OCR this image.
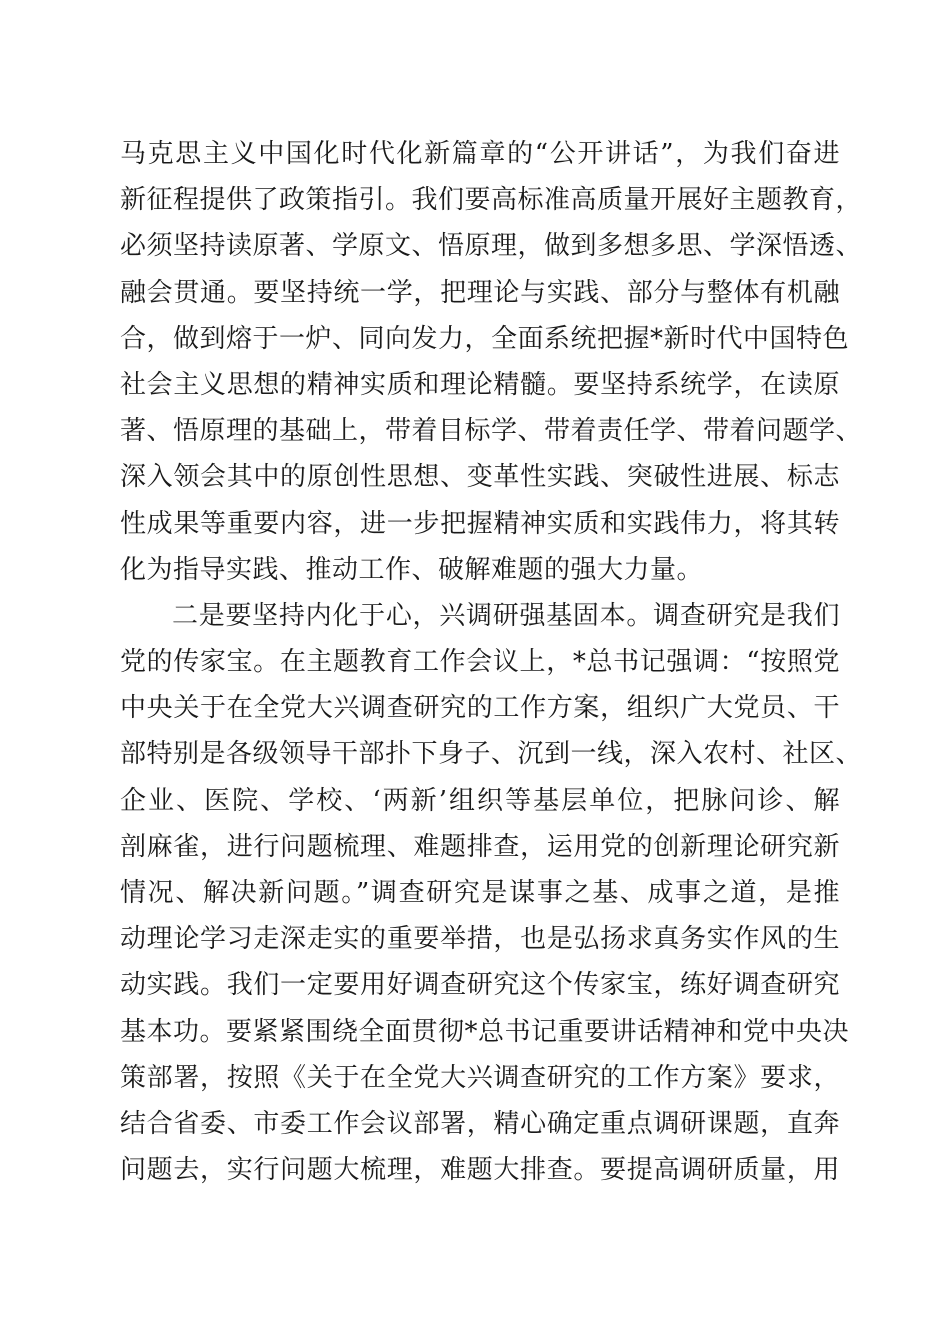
马克思主义中国化时代化新篇章的“公开讲话”，为我们奋进
新征程提供了政策指引。我们要高标准高质量开展好主题教育，
必须坚持读原著、学原文、悟原理，做到多想多思、学深悟透、
融会贯通。要坚持统一学，把理论与实践、部分与整体有机融
合，做到熔于一炉、同向发力，全面系统把握*新时代中国特色
社会主义思想的精神实质和理论精髓。要坚持系统学，在读原
著、悟原理的基础上，带着目标学、带着责任学、带着问题学、
深入领会其中的原创性思想、变革性实践、突破性进展、标志
性成果等重要内容，进一步把握精神实质和实践伟力，将其转
化为指导实践、推动工作、破解难题的强大力量。
二是要坚持内化于心，兴调研强基固本。调查研究是我们
党的传家宝。在主题教育工作会议上，*总书记强调：“按照党
中央关于在全党大兴调查研究的工作方案，组织广大党员、干
部特别是各级领导干部扑下身子、沉到一线，深入农村、社区、
企业、医院、学校、‘两新’组织等基层单位，把脉问诊、解
剖麻雀，进行问题梳理、难题排查，运用党的创新理论研究新
情况、解决新问题。”调查研究是谋事之基、成事之道，是推
动理论学习走深走实的重要举措，也是弘扬求真务实作风的生
动实践。我们一定要用好调查研究这个传家宝，练好调查研究
基本功。要紧紧围绕全面贯彻*总书记重要讲话精神和党中央决
策部署，按照《关于在全党大兴调查研究的工作方案》要求，
结合省委、市委工作会议部署，精心确定重点调研课题，直奔
问题去，实行问题大梳理，难题大排查。要提高调研质量，用
